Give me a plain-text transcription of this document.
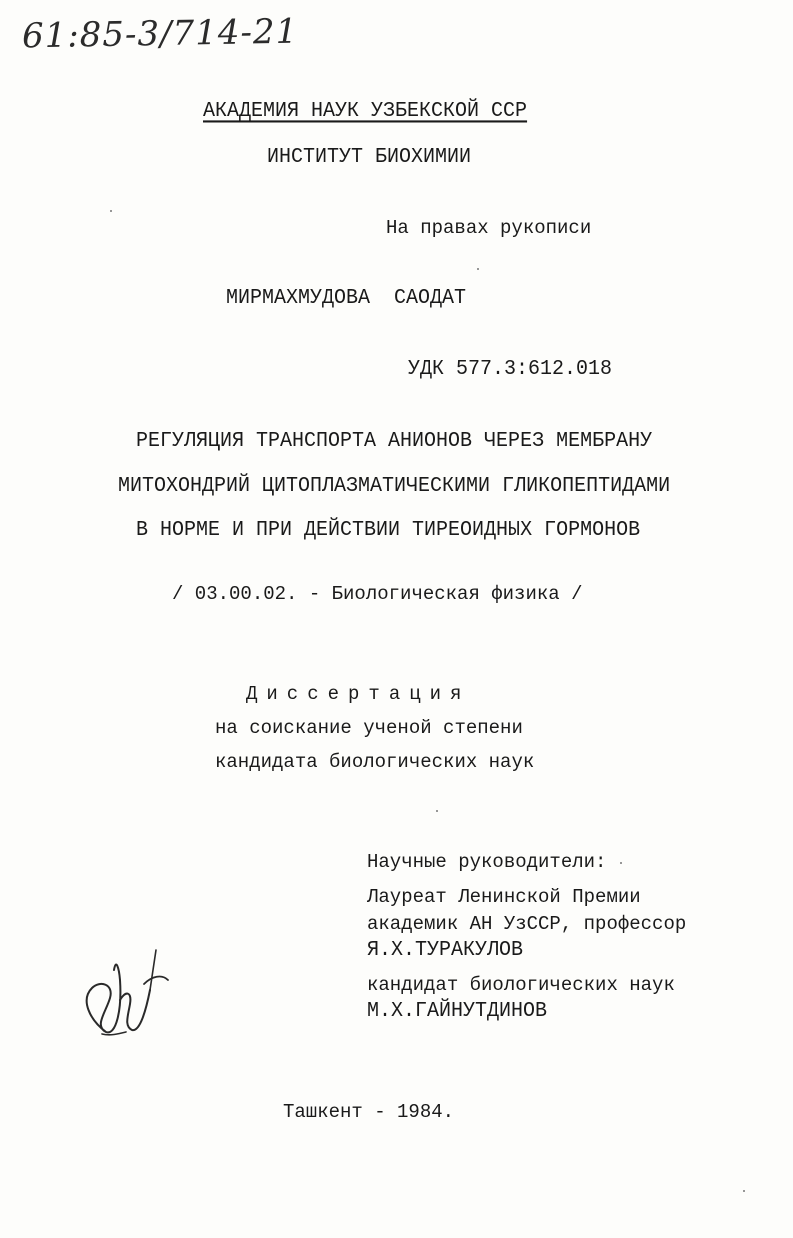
61:85-3/714-21
АКАДЕМИЯ НАУК УЗБЕКСКОЙ ССР
ИНСТИТУТ БИОХИМИИ
На правах рукописи
МИРМАХМУДОВА  САОДАТ
УДК 577.3:612.018
РЕГУЛЯЦИЯ ТРАНСПОРТА АНИОНОВ ЧЕРЕЗ МЕМБРАНУ
МИТОХОНДРИЙ ЦИТОПЛАЗМАТИЧЕСКИМИ ГЛИКОПЕПТИДАМИ
В НОРМЕ И ПРИ ДЕЙСТВИИ ТИРЕОИДНЫХ ГОРМОНОВ
/ 03.00.02. - Биологическая физика /
Диссертация
на соискание ученой степени
кандидата биологических наук
Научные руководители:
Лауреат Ленинской Премии
академик АН УзССР, профессор
Я.Х.ТУРАКУЛОВ
кандидат биологических наук
М.Х.ГАЙНУТДИНОВ
Ташкент - 1984.
